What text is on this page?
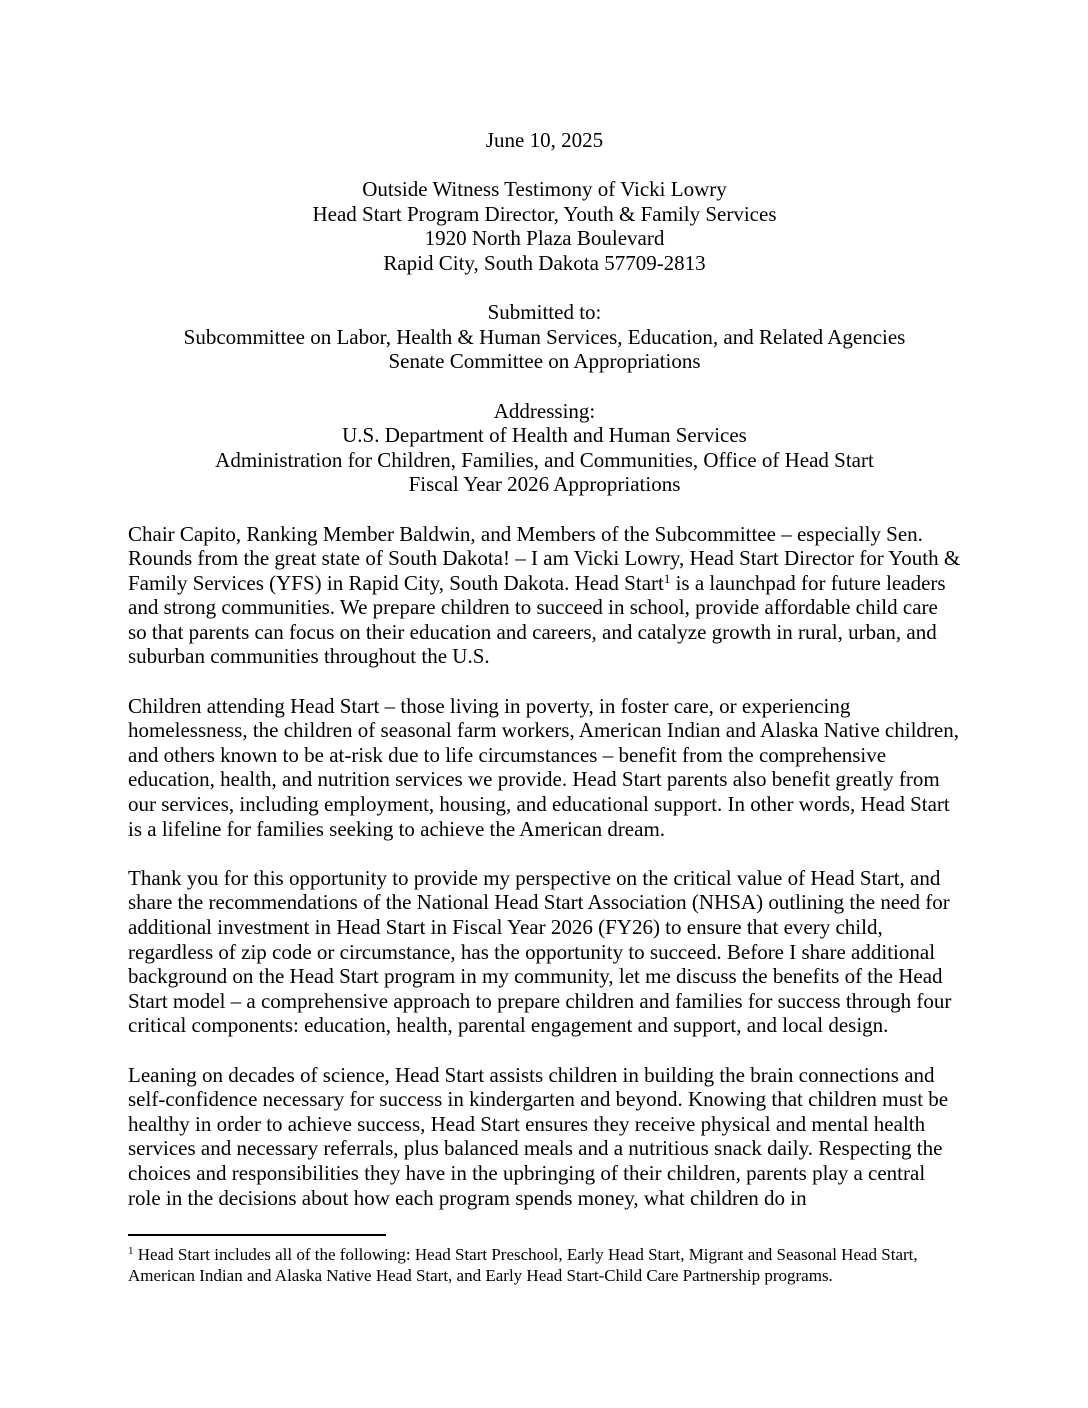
June 10, 2025
Outside Witness Testimony of Vicki Lowry
Head Start Program Director, Youth & Family Services
1920 North Plaza Boulevard
Rapid City, South Dakota 57709-2813
Submitted to:
Subcommittee on Labor, Health & Human Services, Education, and Related Agencies
Senate Committee on Appropriations
Addressing:
U.S. Department of Health and Human Services
Administration for Children, Families, and Communities, Office of Head Start
Fiscal Year 2026 Appropriations

Chair Capito, Ranking Member Baldwin, and Members of the Subcommittee – especially Sen. Rounds from the great state of South Dakota! – I am Vicki Lowry, Head Start Director for Youth & Family Services (YFS) in Rapid City, South Dakota. Head Start$^1$ is a launchpad for future leaders and strong communities. We prepare children to succeed in school, provide affordable child care so that parents can focus on their education and careers, and catalyze growth in rural, urban, and suburban communities throughout the U.S.

Children attending Head Start – those living in poverty, in foster care, or experiencing homelessness, the children of seasonal farm workers, American Indian and Alaska Native children, and others known to be at-risk due to life circumstances – benefit from the comprehensive education, health, and nutrition services we provide. Head Start parents also benefit greatly from our services, including employment, housing, and educational support. In other words, Head Start is a lifeline for families seeking to achieve the American dream.

Thank you for this opportunity to provide my perspective on the critical value of Head Start, and share the recommendations of the National Head Start Association (NHSA) outlining the need for additional investment in Head Start in Fiscal Year 2026 (FY26) to ensure that every child, regardless of zip code or circumstance, has the opportunity to succeed. Before I share additional background on the Head Start program in my community, let me discuss the benefits of the Head Start model – a comprehensive approach to prepare children and families for success through four critical components: education, health, parental engagement and support, and local design.

Leaning on decades of science, Head Start assists children in building the brain connections and self-confidence necessary for success in kindergarten and beyond. Knowing that children must be healthy in order to achieve success, Head Start ensures they receive physical and mental health services and necessary referrals, plus balanced meals and a nutritious snack daily. Respecting the choices and responsibilities they have in the upbringing of their children, parents play a central role in the decisions about how each program spends money, what children do in

$^1$ Head Start includes all of the following: Head Start Preschool, Early Head Start, Migrant and Seasonal Head Start, American Indian and Alaska Native Head Start, and Early Head Start-Child Care Partnership programs.
